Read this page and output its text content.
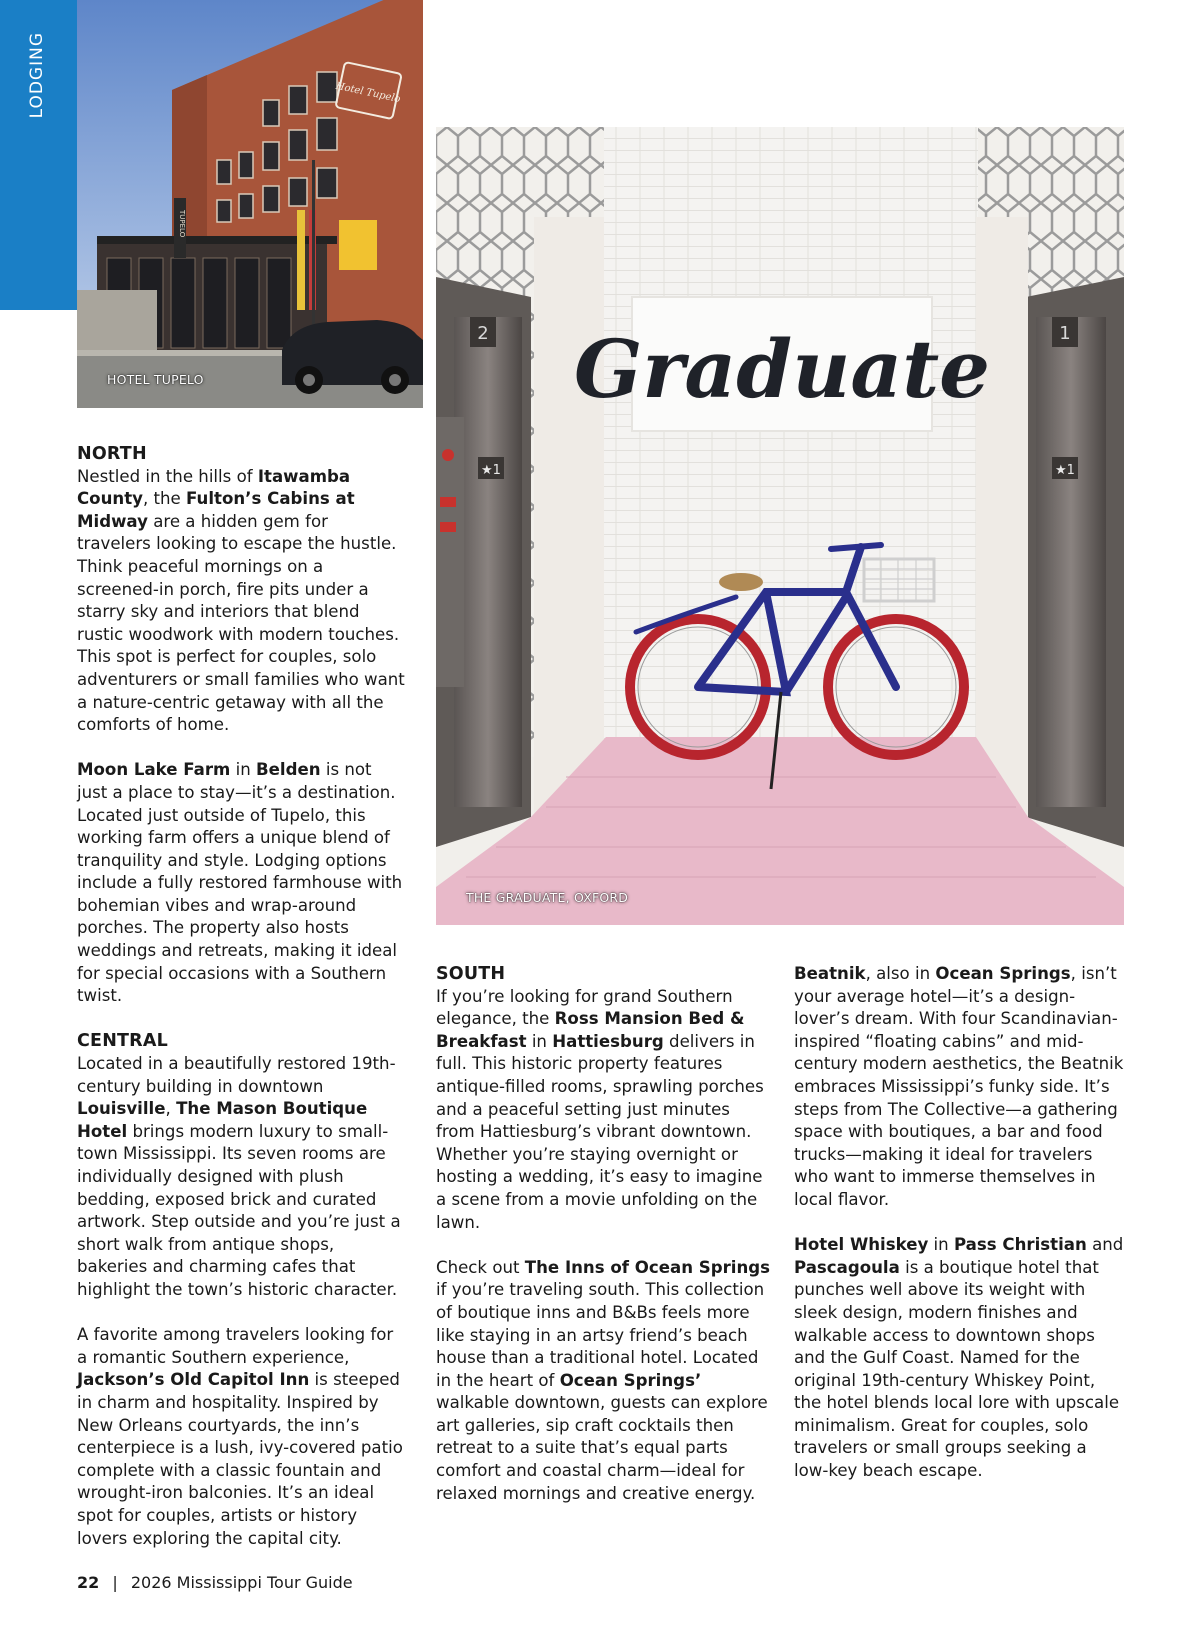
LODGING
TUPELO
Hotel Tupelo
HOTEL TUPELO
2	1
★1	★1
Graduate
THE GRADUATE, OXFORD
NORTH

Nestled in the hills of Itawamba County, the Fulton’s Cabins at Midway are a hidden gem for travelers looking to escape the hustle. Think peaceful mornings on a screened-in porch, fire pits under a starry sky and interiors that blend rustic woodwork with modern touches. This spot is perfect for couples, solo adventurers or small families who want a nature-centric getaway with all the comforts of home.

Moon Lake Farm in Belden is not just a place to stay—it’s a destination. Located just outside of Tupelo, this working farm offers a unique blend of tranquility and style. Lodging options include a fully restored farmhouse with bohemian vibes and wrap-around porches. The property also hosts weddings and retreats, making it ideal for special occasions with a Southern twist.

CENTRAL

Located in a beautifully restored 19th-century building in downtown Louisville, The Mason Boutique Hotel brings modern luxury to small-town Mississippi. Its seven rooms are individually designed with plush bedding, exposed brick and curated artwork. Step outside and you’re just a short walk from antique shops, bakeries and charming cafes that highlight the town’s historic character.

A favorite among travelers looking for a romantic Southern experience, Jackson’s Old Capitol Inn is steeped in charm and hospitality. Inspired by New Orleans courtyards, the inn’s centerpiece is a lush, ivy-covered patio complete with a classic fountain and wrought-iron balconies. It’s an ideal spot for couples, artists or history lovers exploring the capital city.

SOUTH

If you’re looking for grand Southern elegance, the Ross Mansion Bed & Breakfast in Hattiesburg delivers in full. This historic property features antique-filled rooms, sprawling porches and a peaceful setting just minutes from Hattiesburg’s vibrant downtown. Whether you’re staying overnight or hosting a wedding, it’s easy to imagine a scene from a movie unfolding on the lawn.

Check out The Inns of Ocean Springs if you’re traveling south. This collection of boutique inns and B&Bs feels more like staying in an artsy friend’s beach house than a traditional hotel. Located in the heart of Ocean Springs’ walkable downtown, guests can explore art galleries, sip craft cocktails then retreat to a suite that’s equal parts comfort and coastal charm—ideal for relaxed mornings and creative energy.

Beatnik, also in Ocean Springs, isn’t your average hotel—it’s a design-lover’s dream. With four Scandinavian-inspired “floating cabins” and mid-century modern aesthetics, the Beatnik embraces Mississippi’s funky side. It’s steps from The Collective—a gathering space with boutiques, a bar and food trucks—making it ideal for travelers who want to immerse themselves in local flavor.

Hotel Whiskey in Pass Christian and Pascagoula is a boutique hotel that punches well above its weight with sleek design, modern finishes and walkable access to downtown shops and the Gulf Coast. Named for the original 19th-century Whiskey Point, the hotel blends local lore with upscale minimalism. Great for couples, solo travelers or small groups seeking a low-key beach escape.

22 | 2026 Mississippi Tour Guide
